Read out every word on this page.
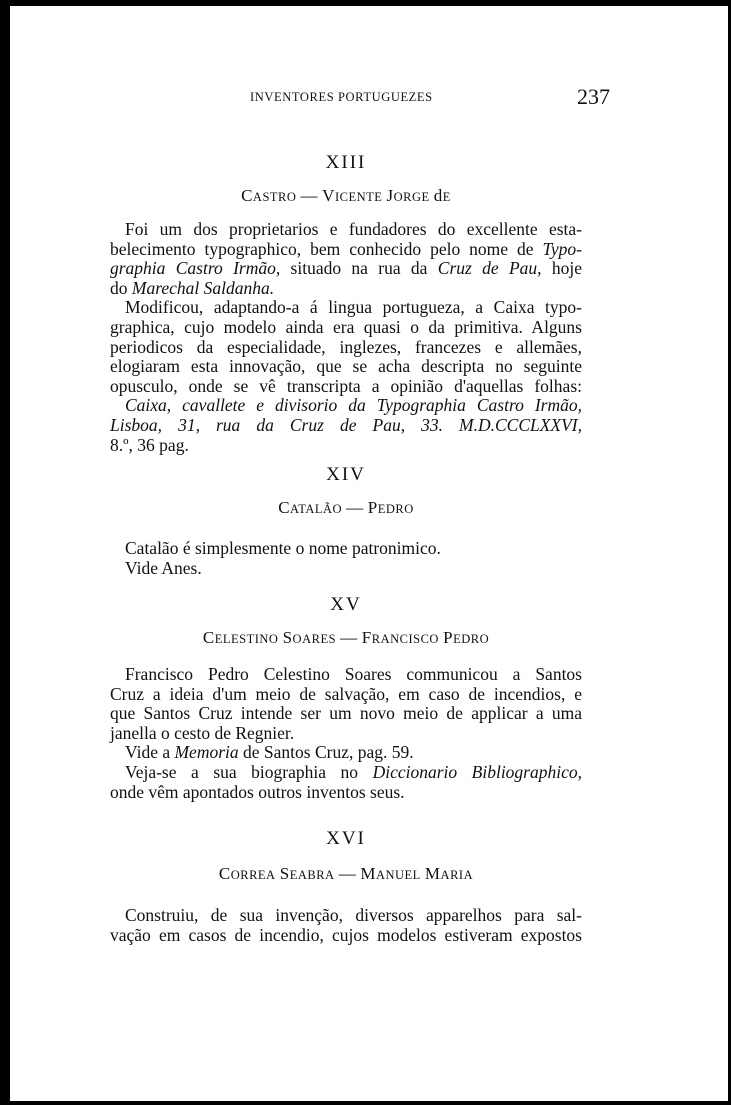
INVENTORES PORTUGUEZES	237
XIII
CASTRO — VICENTE JORGE dE
Foi um dos proprietarios e fundadores do excellente esta-
belecimento typographico, bem conhecido pelo nome de Typo-
graphia Castro Irmão, situado na rua da Cruz de Pau, hoje
do Marechal Saldanha.
Modificou, adaptando-a á lingua portugueza, a Caixa typo-
graphica, cujo modelo ainda era quasi o da primitiva. Alguns
periodicos da especialidade, inglezes, francezes e allemães,
elogiaram esta innovação, que se acha descripta no seguinte
opusculo, onde se vê transcripta a opinião d'aquellas folhas:
Caixa, cavallete e divisorio da Typographia Castro Irmão,
Lisboa, 31, rua da Cruz de Pau, 33. M.D.CCCLXXVI,
8.º, 36 pag.
XIV
CATALÃO — PEDRO
Catalão é simplesmente o nome patronimico.
Vide Anes.
XV
CELESTINO SOARES — FRANCISCO PEDRO
Francisco Pedro Celestino Soares communicou a Santos
Cruz a ideia d'um meio de salvação, em caso de incendios, e
que Santos Cruz intende ser um novo meio de applicar a uma
janella o cesto de Regnier.
Vide a Memoria de Santos Cruz, pag. 59.
Veja-se a sua biographia no Diccionario Bibliographico,
onde vêm apontados outros inventos seus.
XVI
CORREA SEABRA — MANUEL MARIA
Construiu, de sua invenção, diversos apparelhos para sal-
vação em casos de incendio, cujos modelos estiveram expostos
